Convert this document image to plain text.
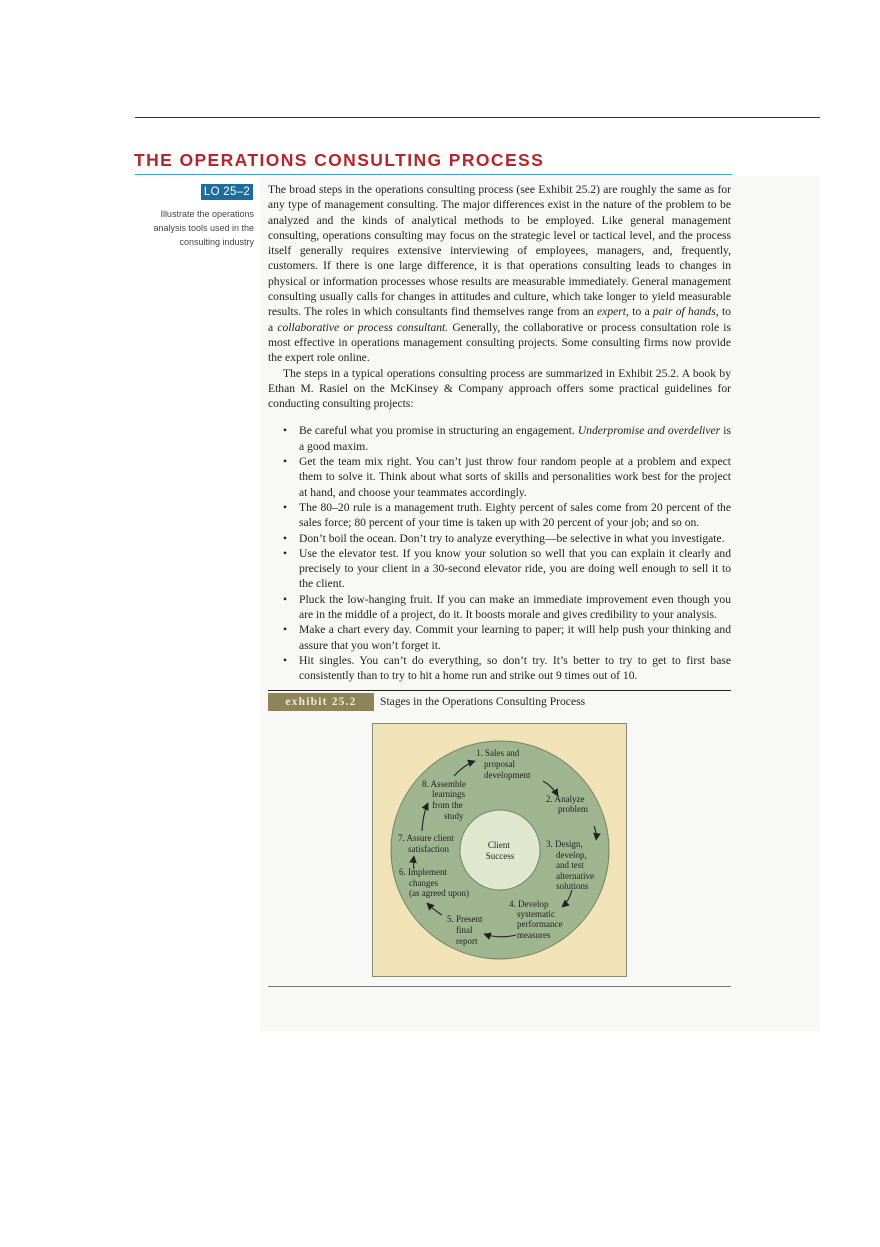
THE OPERATIONS CONSULTING PROCESS
LO 25–2
Illustrate the operations analysis tools used in the consulting industry

The broad steps in the operations consulting process (see Exhibit 25.2) are roughly the same as for any type of management consulting. The major differences exist in the nature of the problem to be analyzed and the kinds of analytical methods to be employed. Like general management consulting, operations consulting may focus on the strategic level or tactical level, and the process itself generally requires extensive interviewing of employees, managers, and, frequently, customers. If there is one large difference, it is that operations consulting leads to changes in physical or information processes whose results are measurable immediately. General management consulting usually calls for changes in attitudes and culture, which take longer to yield measurable results. The roles in which consultants find themselves range from an expert, to a pair of hands, to a collaborative or process consultant. Generally, the collaborative or process consultation role is most effective in operations management consulting projects. Some consulting firms now provide the expert role online.

The steps in a typical operations consulting process are summarized in Exhibit 25.2. A book by Ethan M. Rasiel on the McKinsey & Company approach offers some practical guidelines for conducting consulting projects:

• Be careful what you promise in structuring an engagement. Underpromise and overdeliver is a good maxim.
• Get the team mix right. You can’t just throw four random people at a problem and expect them to solve it. Think about what sorts of skills and personalities work best for the project at hand, and choose your teammates accordingly.
• The 80–20 rule is a management truth. Eighty percent of sales come from 20 percent of the sales force; 80 percent of your time is taken up with 20 percent of your job; and so on.
• Don’t boil the ocean. Don’t try to analyze everything—be selective in what you investigate.
• Use the elevator test. If you know your solution so well that you can explain it clearly and precisely to your client in a 30-second elevator ride, you are doing well enough to sell it to the client.
• Pluck the low-hanging fruit. If you can make an immediate improvement even though you are in the middle of a project, do it. It boosts morale and gives credibility to your analysis.
• Make a chart every day. Commit your learning to paper; it will help push your thinking and assure that you won’t forget it.
• Hit singles. You can’t do everything, so don’t try. It’s better to try to get to first base consistently than to try to hit a home run and strike out 9 times out of 10.
exhibit 25.2	Stages in the Operations Consulting Process
Client Success
1. Sales and proposal development
2. Analyze problem
3. Design, develop, and test alternative solutions
4. Develop systematic performance measures
5. Present final report
6. Implement changes (as agreed upon)
7. Assure client satisfaction
8. Assemble learnings from the study
